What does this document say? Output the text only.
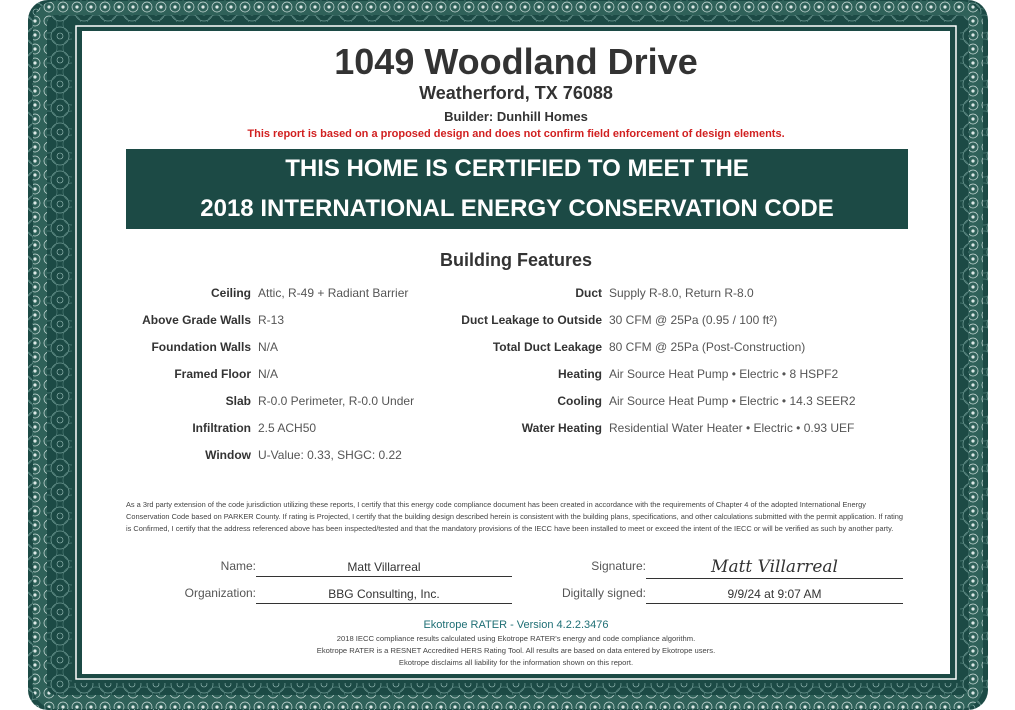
1049 Woodland Drive
Weatherford, TX 76088
Builder: Dunhill Homes
This report is based on a proposed design and does not confirm field enforcement of design elements.
THIS HOME IS CERTIFIED TO MEET THE
2018 INTERNATIONAL ENERGY CONSERVATION CODE
Building Features
Ceiling Attic, R-49 + Radiant Barrier
Above Grade Walls R-13
Foundation Walls N/A
Framed Floor N/A
Slab R-0.0 Perimeter, R-0.0 Under
Infiltration 2.5 ACH50
Window U-Value: 0.33, SHGC: 0.22
Duct Supply R-8.0, Return R-8.0
Duct Leakage to Outside 30 CFM @ 25Pa (0.95 / 100 ft²)
Total Duct Leakage 80 CFM @ 25Pa (Post-Construction)
Heating Air Source Heat Pump • Electric • 8 HSPF2
Cooling Air Source Heat Pump • Electric • 14.3 SEER2
Water Heating Residential Water Heater • Electric • 0.93 UEF
As a 3rd party extension of the code jurisdiction utilizing these reports, I certify that this energy code compliance document has been created in accordance with the requirements of Chapter 4 of the adopted International Energy Conservation Code based on PARKER County. If rating is Projected, I certify that the building design described herein is consistent with the building plans, specifications, and other calculations submitted with the permit application. If rating is Confirmed, I certify that the address referenced above has been inspected/tested and that the mandatory provisions of the IECC have been installed to meet or exceed the intent of the IECC or will be verified as such by another party.
Name:	Matt Villarreal
Organization:	BBG Consulting, Inc.
Signature:	Matt Villarreal
Digitally signed:	9/9/24 at 9:07 AM
Ekotrope RATER - Version 4.2.2.3476
2018 IECC compliance results calculated using Ekotrope RATER's energy and code compliance algorithm.
Ekotrope RATER is a RESNET Accredited HERS Rating Tool. All results are based on data entered by Ekotrope users.
Ekotrope disclaims all liability for the information shown on this report.
